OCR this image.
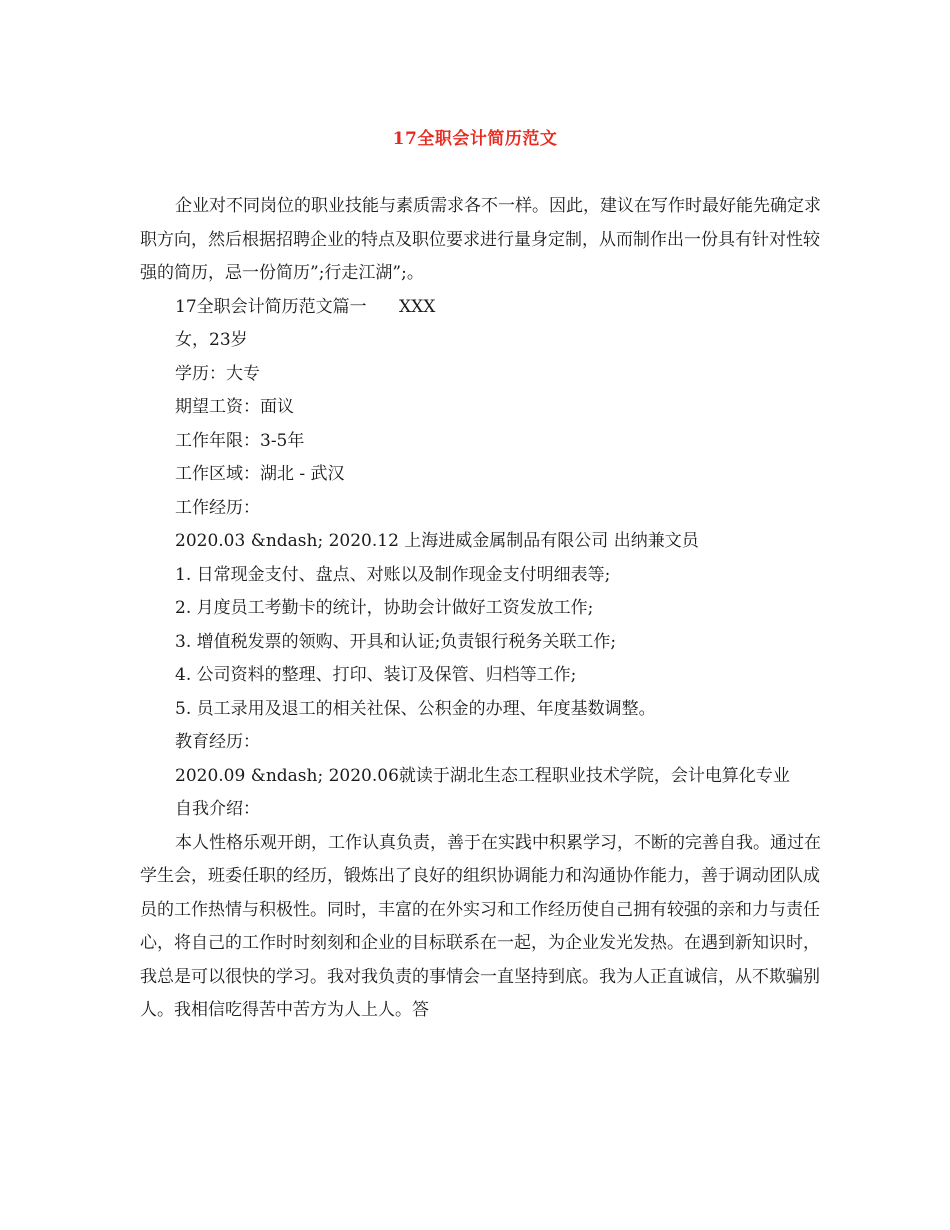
17全职会计简历范文

企业对不同岗位的职业技能与素质需求各不一样。因此，建议在写作时最好能先确定求职方向，然后根据招聘企业的特点及职位要求进行量身定制，从而制作出一份具有针对性较强的简历，忌一份简历”;行走江湖”;。

17全职会计简历范文篇一      XXX

女，23岁

学历：大专

期望工资：面议

工作年限：3-5年

工作区域：湖北 - 武汉

工作经历：

2020.03 &ndash; 2020.12 上海进威金属制品有限公司 出纳兼文员

1. 日常现金支付、盘点、对账以及制作现金支付明细表等;

2. 月度员工考勤卡的统计，协助会计做好工资发放工作;

3. 增值税发票的领购、开具和认证;负责银行税务关联工作;

4. 公司资料的整理、打印、装订及保管、归档等工作;

5. 员工录用及退工的相关社保、公积金的办理、年度基数调整。

教育经历：

2020.09 &ndash; 2020.06就读于湖北生态工程职业技术学院，会计电算化专业

自我介绍：

本人性格乐观开朗，工作认真负责，善于在实践中积累学习，不断的完善自我。通过在学生会，班委任职的经历，锻炼出了良好的组织协调能力和沟通协作能力，善于调动团队成员的工作热情与积极性。同时，丰富的在外实习和工作经历使自己拥有较强的亲和力与责任心，将自己的工作时时刻刻和企业的目标联系在一起，为企业发光发热。在遇到新知识时，我总是可以很快的学习。我对我负责的事情会一直坚持到底。我为人正直诚信，从不欺骗别人。我相信吃得苦中苦方为人上人。答
